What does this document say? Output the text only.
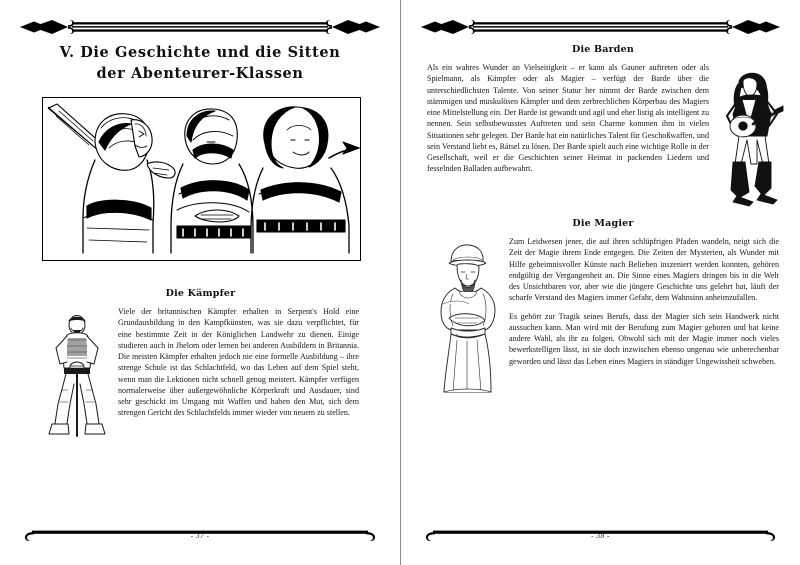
V. Die Geschichte und die Sitten
der Abenteurer-Klassen
Die Kämpfer

Viele der britannischen Kämpfer erhalten in Serpent's Hold eine Grundausbildung in den Kampfkünsten, was sie dazu verpflichtet, für eine bestimmte Zeit in der Königlichen Landwehr zu dienen. Einige studieren auch in Jhelom oder lernen bei anderen Ausbildern in Britannia. Die meisten Kämpfer erhalten jedoch nie eine formelle Ausbildung – ihre strenge Schule ist das Schlachtfeld, wo das Leben auf dem Spiel steht, wenn man die Lektionen nicht schnell genug meistert. Kämpfer verfügen normalerweise über außergewöhnliche Körperkraft und Ausdauer, sind sehr geschickt im Umgang mit Waffen und haben den Mut, sich dem strengen Gericht des Schlachtfelds immer wieder von neuem zu stellen.

- 37 -
Die Barden

Als ein wahres Wunder an Vielseitigkeit – er kann als Gauner auftreten oder als Spielmann, als Kämpfer oder als Magier – verfügt der Barde über die unterschiedlichsten Talente. Von seiner Statur her nimmt der Barde zwischen dem stämmigen und muskulösen Kämpfer und dem zerbrechlichen Körperbau des Magiers eine Mittelstellung ein. Der Barde ist gewandt und agil und eher listig als intelligent zu nennen. Sein selbstbewusstes Auftreten und sein Charme kommen ihm in vielen Situationen sehr gelegen. Der Barde hat ein natürliches Talent für Geschoßwaffen, und sein Verstand liebt es, Rätsel zu lösen. Der Barde spielt auch eine wichtige Rolle in der Gesellschaft, weil er die Geschichten seiner Heimat in packenden Liedern und fesselnden Balladen aufbewahrt.

Die Magier

Zum Leidwesen jener, die auf ihren schlüpfrigen Pfaden wandeln, neigt sich die Zeit der Magie ihrem Ende entgegen. Die Zeiten der Mysterien, als Wunder mit Hilfe geheimnisvoller Künste nach Belieben inszeniert werden konnten, gehören endgültig der Vergangenheit an. Die Sinne eines Magiers dringen bis in die Welt des Unsichtbaren vor, aber wie die jüngere Geschichte uns gelehrt hat, läuft der scharfe Verstand des Magiers immer Gefahr, dem Wahnsinn anheimzufallen.

Es gehört zur Tragik seines Berufs, dass der Magier sich sein Handwerk nicht aussuchen kann. Man wird mit der Berufung zum Magier geboren und hat keine andere Wahl, als ihr zu folgen. Obwohl sich mit der Magie immer noch vieles bewerkstelligen lässt, ist sie doch inzwischen ebenso ungenau wie unberechenbar geworden und lässt das Leben eines Magiers in ständiger Ungewissheit schweben.

- 38 -
